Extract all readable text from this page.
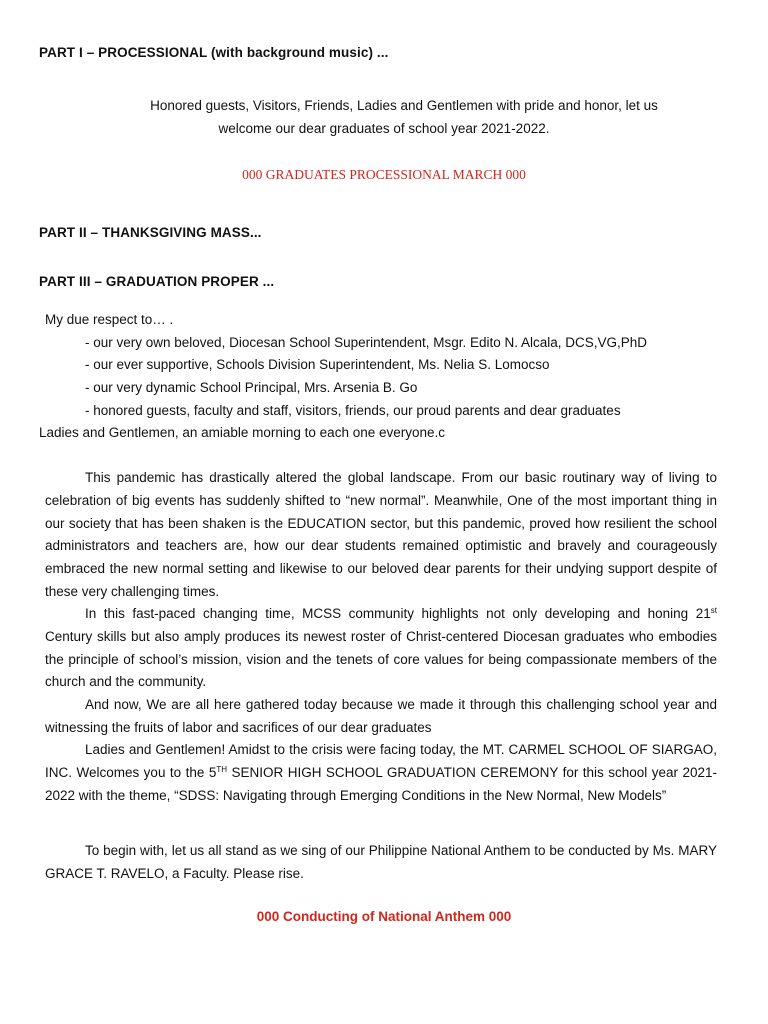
PART I – PROCESSIONAL (with background music) ...
Honored guests, Visitors, Friends, Ladies and Gentlemen with pride and honor, let us
welcome our dear graduates of school year 2021-2022.
000 GRADUATES PROCESSIONAL MARCH 000
PART II – THANKSGIVING MASS...
PART III – GRADUATION PROPER ...
My due respect to… .
- our very own beloved, Diocesan School Superintendent, Msgr. Edito N. Alcala, DCS,VG,PhD
- our ever supportive, Schools Division Superintendent, Ms. Nelia S. Lomocso
- our very dynamic School Principal, Mrs. Arsenia B. Go
- honored guests, faculty and staff, visitors, friends, our proud parents and dear graduates
Ladies and Gentlemen, an amiable morning to each one everyone.c
This pandemic has drastically altered the global landscape. From our basic routinary way of living to celebration of big events has suddenly shifted to “new normal”. Meanwhile, One of the most important thing in our society that has been shaken is the EDUCATION sector, but this pandemic, proved how resilient the school administrators and teachers are, how our dear students remained optimistic and bravely and courageously embraced the new normal setting and likewise to our beloved dear parents for their undying support despite of these very challenging times.
In this fast-paced changing time, MCSS community highlights not only developing and honing 21st Century skills but also amply produces its newest roster of Christ-centered Diocesan graduates who embodies the principle of school’s mission, vision and the tenets of core values for being compassionate members of the church and the community.
And now, We are all here gathered today because we made it through this challenging school year and witnessing the fruits of labor and sacrifices of our dear graduates
Ladies and Gentlemen! Amidst to the crisis were facing today, the MT. CARMEL SCHOOL OF SIARGAO, INC. Welcomes you to the 5TH SENIOR HIGH SCHOOL GRADUATION CEREMONY for this school year 2021-2022 with the theme, “SDSS: Navigating through Emerging Conditions in the New Normal, New Models”
To begin with, let us all stand as we sing of our Philippine National Anthem to be conducted by Ms. MARY GRACE T. RAVELO, a Faculty. Please rise.
000 Conducting of National Anthem 000
